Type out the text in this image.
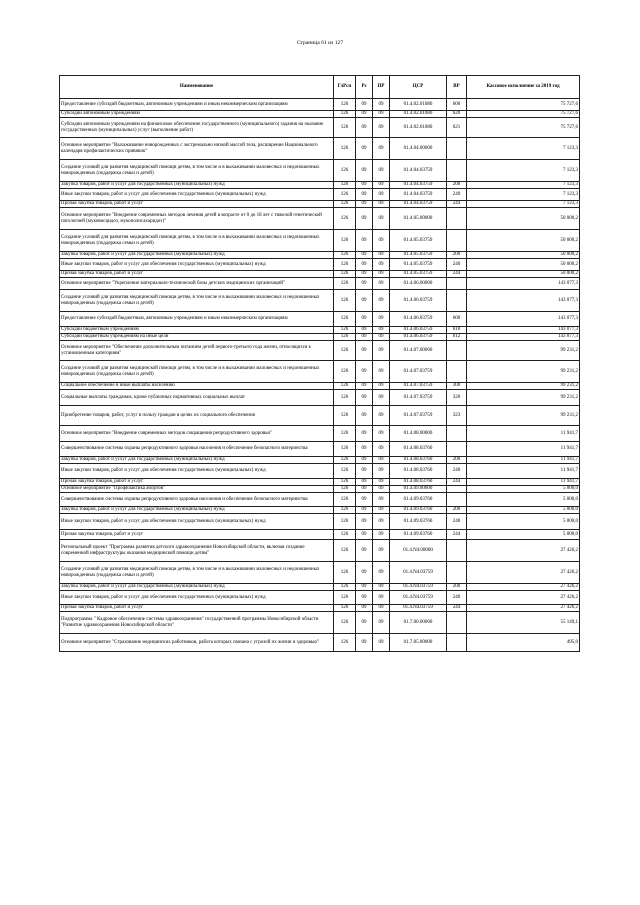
Страница 61 из 127
Наименование	ГлРсп	Рз	ПР	ЦСР	ВР	Кассовое исполнение за 2019 год
Предоставление субсидий бюджетным, автономным учреждениям и иным некоммерческим организациям	126	09	09	01.4.02.01080	600	75 727,6
Субсидии автономным учреждениям	126	09	09	01.4.02.01080	620	75 727,6
Субсидии автономным учреждениям на финансовое обеспечение государственного (муниципального) задания на оказание государственных (муниципальных) услуг (выполнение работ)	126	09	09	01.4.02.01080	621	75 727,6
Основное мероприятие "Выхаживание новорожденных с экстремально низкой массой тела, расширение Национального календаря профилактических прививок"	126	09	09	01.4.04.00000		7 123,3
Создание условий для развития медицинской помощи детям, в том числе и в выхаживании маловесных и недоношенных новорожденных (поддержка семьи и детей)	126	09	09	01.4.04.03759		7 123,3
Закупка товаров, работ и услуг для государственных (муниципальных) нужд	126	09	09	01.4.04.03759	200	7 123,3
Иные закупки товаров, работ и услуг для обеспечения государственных (муниципальных) нужд	126	09	09	01.4.04.03759	240	7 123,3
Прочая закупка товаров, работ и услуг	126	09	09	01.4.04.03759	244	7 123,3
Основное мероприятие "Внедрение современных методов лечения детей в возрасте от 0 до 18 лет с тяжелой генетической патологией (муковисцидоз, мукополисахаридоз)"	126	09	09	01.4.05.00000		50 000,2
Создание условий для развития медицинской помощи детям, в том числе и в выхаживании маловесных и недоношенных новорожденных (поддержка семьи и детей)	126	09	09	01.4.05.03759		50 000,2
Закупка товаров, работ и услуг для государственных (муниципальных) нужд	126	09	09	01.4.05.03759	200	50 000,2
Иные закупки товаров, работ и услуг для обеспечения государственных (муниципальных) нужд	126	09	09	01.4.05.03759	240	50 000,2
Прочая закупка товаров, работ и услуг	126	09	09	01.4.05.03759	244	50 000,2
Основное мероприятие "Укрепление материально-технической базы детских медицинских организаций"	126	09	09	01.4.06.00000		143 077,3
Создание условий для развития медицинской помощи детям, в том числе и в выхаживании маловесных и недоношенных новорожденных (поддержка семьи и детей)	126	09	09	01.4.06.03759		143 077,3
Предоставление субсидий бюджетным, автономным учреждениям и иным некоммерческим организациям	126	09	09	01.4.06.03759	600	143 077,3
Субсидии бюджетным учреждениям	126	09	09	01.4.06.03759	610	143 077,3
Субсидии бюджетным учреждениям на иные цели	126	09	09	01.4.06.03759	612	143 077,3
Основное мероприятие "Обеспечение дополнительным питанием детей первого-третьего года жизни, относящихся к установленным категориям"	126	09	09	01.4.07.00000		99 231,2
Создание условий для развития медицинской помощи детям, в том числе и в выхаживании маловесных и недоношенных новорожденных (поддержка семьи и детей)	126	09	09	01.4.07.03759		99 231,2
Социальное обеспечение и иные выплаты населению	126	09	09	01.4.07.03759	300	99 231,2
Социальные выплаты гражданам, кроме публичных нормативных социальных выплат	126	09	09	01.4.07.03759	320	99 231,2
Приобретение товаров, работ, услуг в пользу граждан в целях их социального обеспечения	126	09	09	01.4.07.03759	323	99 231,2
Основное мероприятие "Внедрение современных методов сокращения репродуктивного здоровья"	126	09	09	01.4.08.00000		11 941,7
Совершенствование системы охраны репродуктивного здоровья населения и обеспечение безопасного материнства	126	09	09	01.4.08.03760		11 941,7
Закупка товаров, работ и услуг для государственных (муниципальных) нужд	126	09	09	01.4.08.03760	200	11 941,7
Иные закупки товаров, работ и услуг для обеспечения государственных (муниципальных) нужд	126	09	09	01.4.08.03760	240	11 941,7
Прочая закупка товаров, работ и услуг	126	09	09	01.4.08.03760	244	11 941,7
Основное мероприятие "Профилактика абортов"	126	09	09	01.4.09.00000		5 000,0
Совершенствование системы охраны репродуктивного здоровья населения и обеспечение безопасного материнства	126	09	09	01.4.09.03760		5 000,0
Закупка товаров, работ и услуг для государственных (муниципальных) нужд	126	09	09	01.4.09.03760	200	5 000,0
Иные закупки товаров, работ и услуг для обеспечения государственных (муниципальных) нужд	126	09	09	01.4.09.03760	240	5 000,0
Прочая закупка товаров, работ и услуг	126	09	09	01.4.09.03760	244	5 000,0
Региональный проект "Программа развития детского здравоохранения Новосибирской области, включая создание современной инфраструктуры оказания медицинской помощи детям"	126	09	09	01.4.N4.00000		27 426,2
Создание условий для развития медицинской помощи детям, в том числе и в выхаживании маловесных и недоношенных новорожденных (поддержка семьи и детей)	126	09	09	01.4.N4.03759		27 426,2
Закупка товаров, работ и услуг для государственных (муниципальных) нужд	126	09	09	01.4.N4.03759	200	27 426,2
Иные закупки товаров, работ и услуг для обеспечения государственных (муниципальных) нужд	126	09	09	01.4.N4.03759	240	27 426,2
Прочая закупка товаров, работ и услуг	126	09	09	01.4.N4.03759	244	27 426,2
Подпрограмма " Кадровое обеспечение системы здравоохранения" государственной программы Новосибирской области "Развитие здравоохранения Новосибирской области"	126	09	09	01.7.00.00000		55 149,1
Основное мероприятие "Страхование медицинских работников, работа которых связана с угрозой их жизни и здоровью"	126	09	09	01.7.05.00000		495,0
